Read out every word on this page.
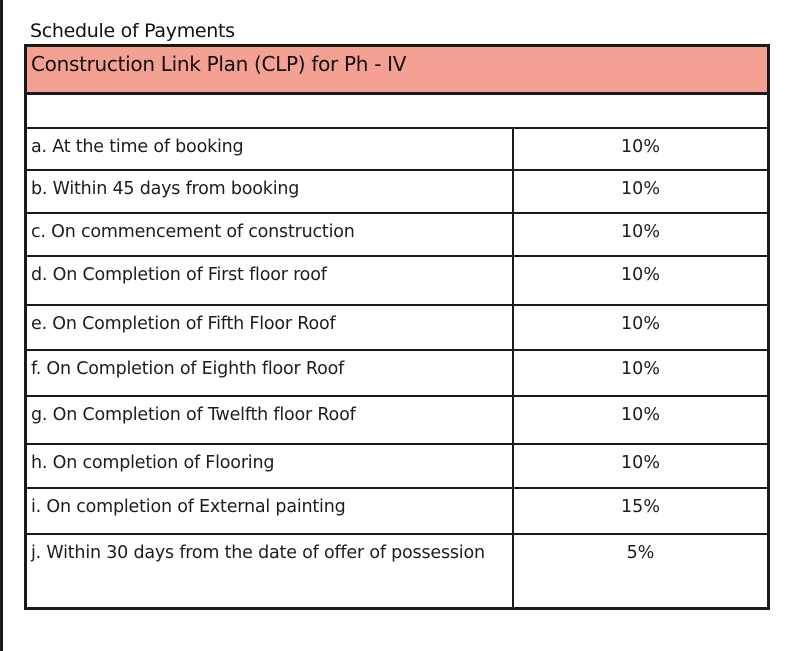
Schedule of Payments
Construction Link Plan (CLP) for Ph - IV
a. At the time of booking	10%
b. Within 45 days from booking	10%
c. On commencement of construction	10%
d. On Completion of First floor roof	10%
e. On Completion of Fifth Floor Roof	10%
f. On Completion of Eighth floor Roof	10%
g. On Completion of Twelfth floor Roof	10%
h. On completion of Flooring	10%
i. On completion of External painting	15%
j. Within 30 days from the date of offer of possession	5%
